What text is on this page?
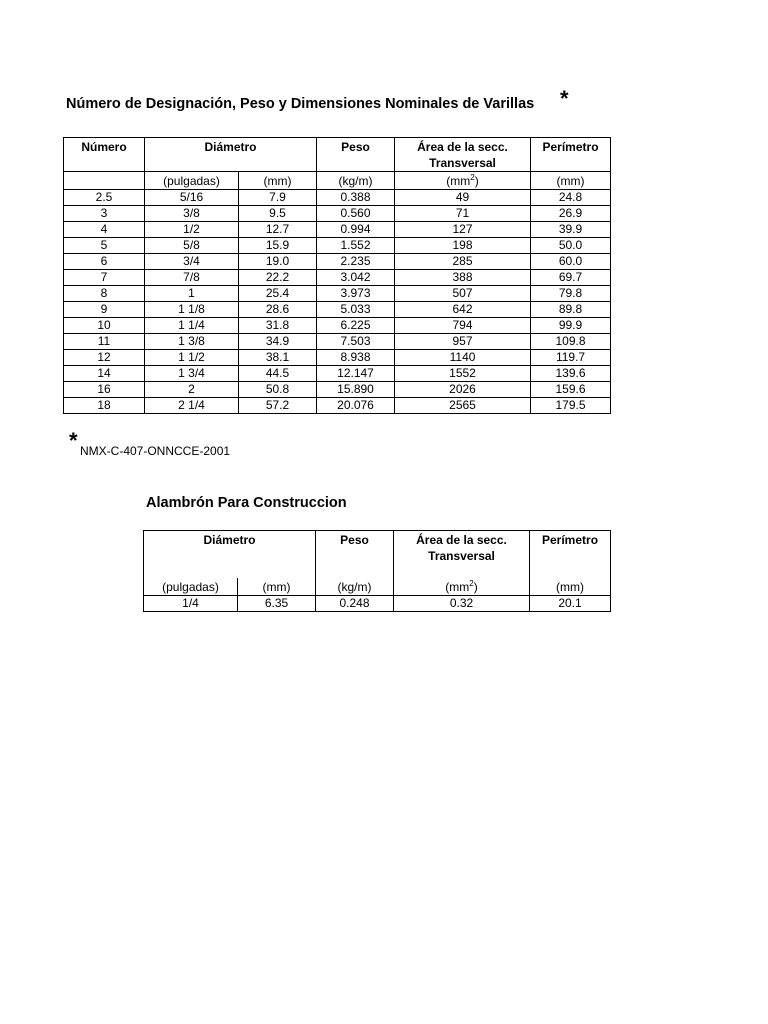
Número de Designación, Peso y Dimensiones Nominales de Varillas *
Número	Diámetro		Peso	Área de la secc. Transversal	Perímetro
	(pulgadas)	(mm)	(kg/m)	$(mm^2)$	(mm)
2.5	5/16	7.9	0.388	49	24.8
3	3/8	9.5	0.560	71	26.9
4	1/2	12.7	0.994	127	39.9
5	5/8	15.9	1.552	198	50.0
6	3/4	19.0	2.235	285	60.0
7	7/8	22.2	3.042	388	69.7
8	1	25.4	3.973	507	79.8
9	1 1/8	28.6	5.033	642	89.8
10	1 1/4	31.8	6.225	794	99.9
11	1 3/8	34.9	7.503	957	109.8
12	1 1/2	38.1	8.938	1140	119.7
14	1 3/4	44.5	12.147	1552	139.6
16	2	50.8	15.890	2026	159.6
18	2 1/4	57.2	20.076	2565	179.5
* NMX-C-407-ONNCCE-2001
Alambrón Para Construccion
Diámetro		Peso	Área de la secc. Transversal	Perímetro
(pulgadas)	(mm)	(kg/m)	$(mm^2)$	(mm)
1/4	6.35	0.248	0.32	20.1
